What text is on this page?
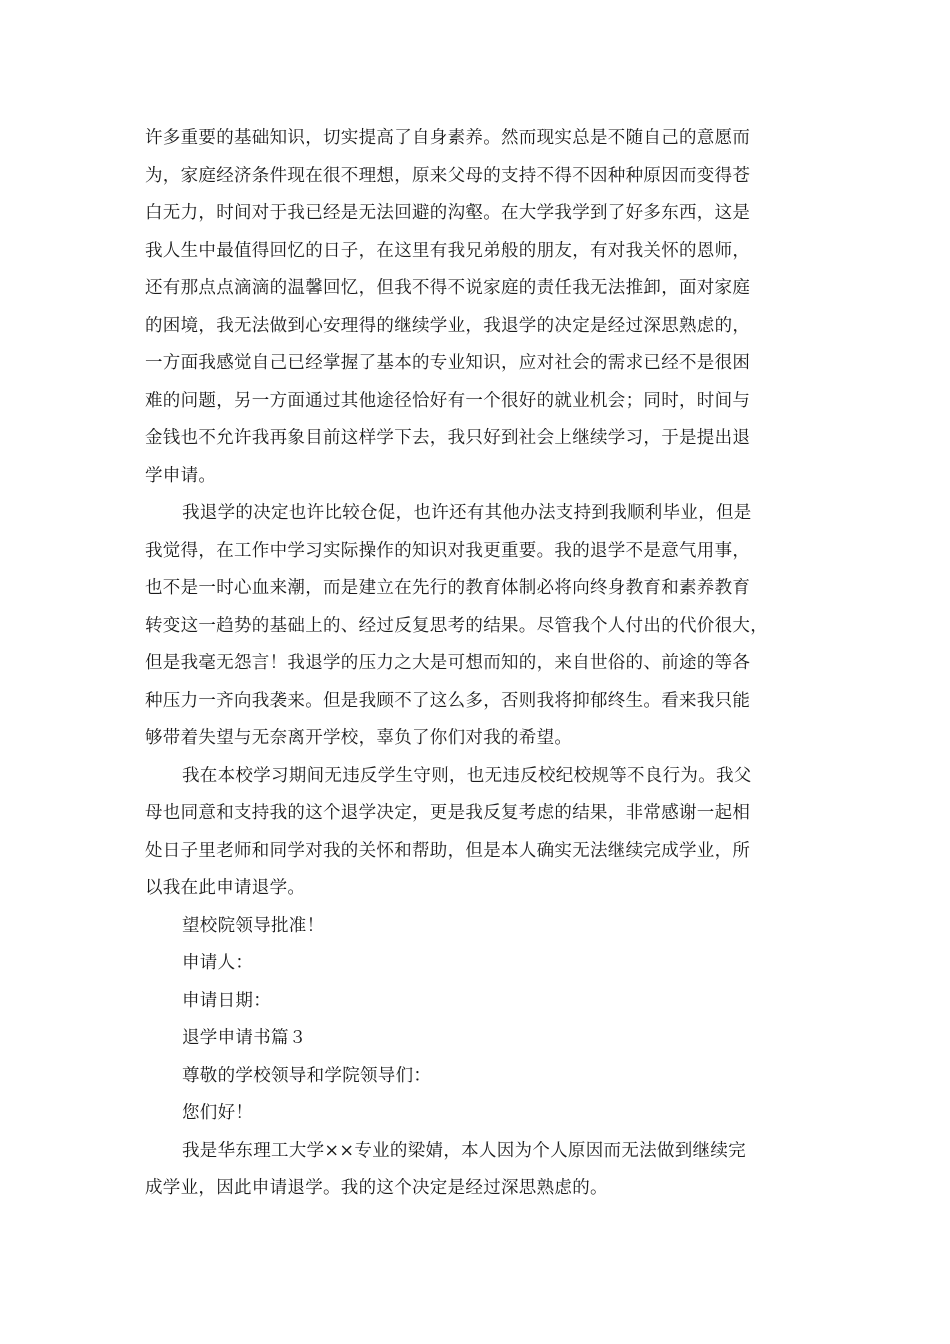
许多重要的基础知识，切实提高了自身素养。然而现实总是不随自己的意愿而
为，家庭经济条件现在很不理想，原来父母的支持不得不因种种原因而变得苍
白无力，时间对于我已经是无法回避的沟壑。在大学我学到了好多东西，这是
我人生中最值得回忆的日子，在这里有我兄弟般的朋友，有对我关怀的恩师，
还有那点点滴滴的温馨回忆，但我不得不说家庭的责任我无法推卸，面对家庭
的困境，我无法做到心安理得的继续学业，我退学的决定是经过深思熟虑的，
一方面我感觉自己已经掌握了基本的专业知识，应对社会的需求已经不是很困
难的问题，另一方面通过其他途径恰好有一个很好的就业机会；同时，时间与
金钱也不允许我再象目前这样学下去，我只好到社会上继续学习，于是提出退
学申请。
我退学的决定也许比较仓促，也许还有其他办法支持到我顺利毕业，但是
我觉得，在工作中学习实际操作的知识对我更重要。我的退学不是意气用事，
也不是一时心血来潮，而是建立在先行的教育体制必将向终身教育和素养教育
转变这一趋势的基础上的、经过反复思考的结果。尽管我个人付出的代价很大，
但是我毫无怨言！我退学的压力之大是可想而知的，来自世俗的、前途的等各
种压力一齐向我袭来。但是我顾不了这么多，否则我将抑郁终生。看来我只能
够带着失望与无奈离开学校，辜负了你们对我的希望。
我在本校学习期间无违反学生守则，也无违反校纪校规等不良行为。我父
母也同意和支持我的这个退学决定，更是我反复考虑的结果，非常感谢一起相
处日子里老师和同学对我的关怀和帮助，但是本人确实无法继续完成学业，所
以我在此申请退学。
望校院领导批准！
申请人：
申请日期：
退学申请书篇３
尊敬的学校领导和学院领导们：
您们好！
我是华东理工大学××专业的梁婧，本人因为个人原因而无法做到继续完
成学业，因此申请退学。我的这个决定是经过深思熟虑的。
